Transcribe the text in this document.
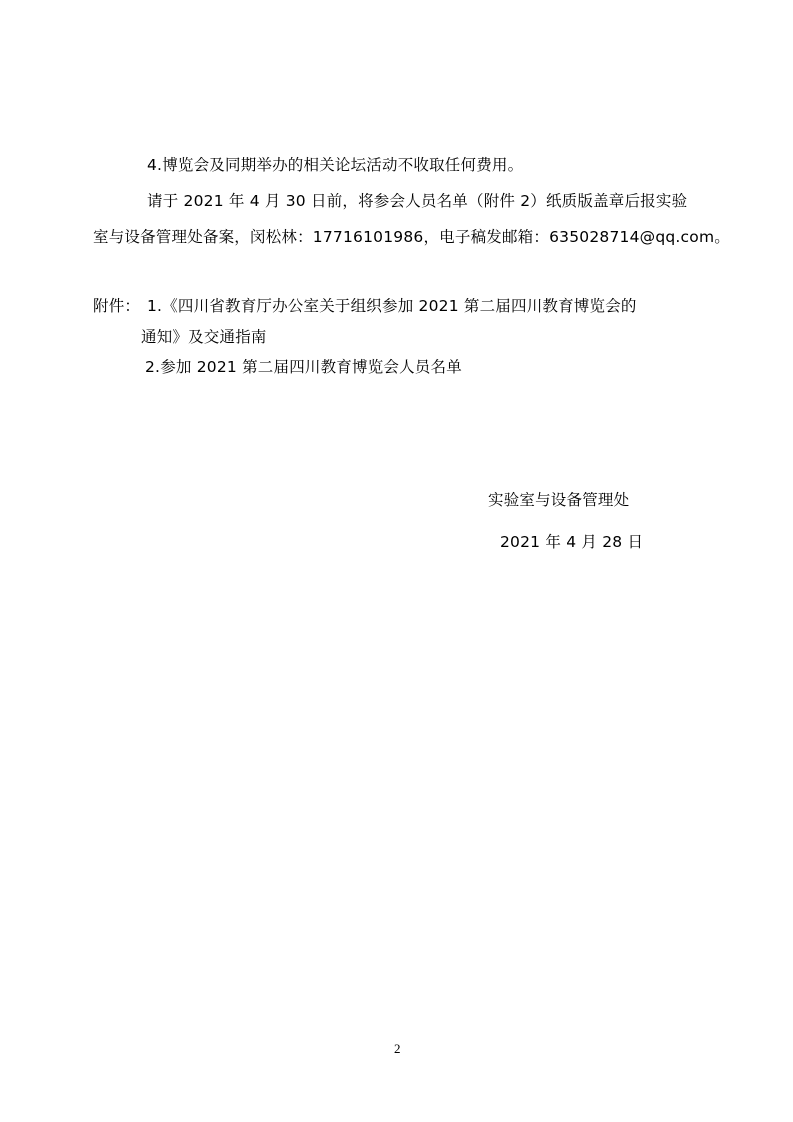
4.博览会及同期举办的相关论坛活动不收取任何费用。
请于 2021 年 4 月 30 日前，将参会人员名单（附件 2）纸质版盖章后报实验
室与设备管理处备案，闵松林：17716101986，电子稿发邮箱：635028714@qq.com。
附件： 1.《四川省教育厅办公室关于组织参加 2021 第二届四川教育博览会的
通知》及交通指南
2.参加 2021 第二届四川教育博览会人员名单
实验室与设备管理处
2021 年 4 月 28 日
2
